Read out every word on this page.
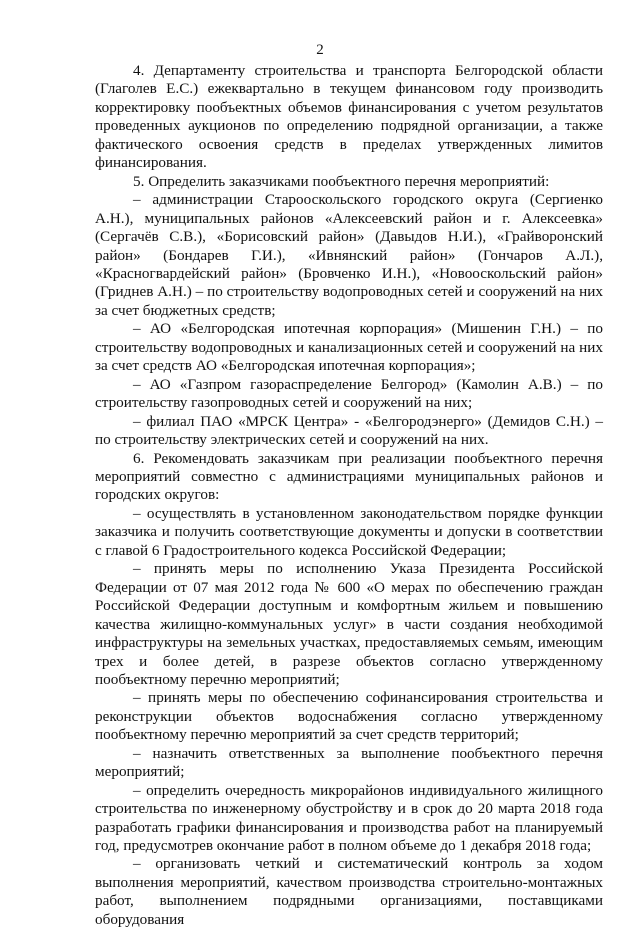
2

4. Департаменту строительства и транспорта Белгородской области (Глаголев Е.С.) ежеквартально в текущем финансовом году производить корректировку пообъектных объемов финансирования с учетом результатов проведенных аукционов по определению подрядной организации, а также фактического освоения средств в пределах утвержденных лимитов финансирования.

5. Определить заказчиками пообъектного перечня мероприятий:

– администрации Старооскольского городского округа (Сергиенко А.Н.), муниципальных районов «Алексеевский район и г. Алексеевка» (Сергачёв С.В.), «Борисовский район» (Давыдов Н.И.), «Грайворонский район» (Бондарев Г.И.), «Ивнянский район» (Гончаров А.Л.), «Красногвардейский район» (Бровченко И.Н.), «Новооскольский район» (Гриднев А.Н.) – по строительству водопроводных сетей и сооружений на них за счет бюджетных средств;

– АО «Белгородская ипотечная корпорация» (Мишенин Г.Н.) – по строительству водопроводных и канализационных сетей и сооружений на них за счет средств АО «Белгородская ипотечная корпорация»;

– АО «Газпром газораспределение Белгород» (Камолин А.В.) – по строительству газопроводных сетей и сооружений на них;

– филиал ПАО «МРСК Центра» - «Белгородэнерго» (Демидов С.Н.) – по строительству электрических сетей и сооружений на них.

6. Рекомендовать заказчикам при реализации пообъектного перечня мероприятий совместно с администрациями муниципальных районов и городских округов:

– осуществлять в установленном законодательством порядке функции заказчика и получить соответствующие документы и допуски в соответствии с главой 6 Градостроительного кодекса Российской Федерации;

– принять меры по исполнению Указа Президента Российской Федерации от 07 мая 2012 года № 600 «О мерах по обеспечению граждан Российской Федерации доступным и комфортным жильем и повышению качества жилищно-коммунальных услуг» в части создания необходимой инфраструктуры на земельных участках, предоставляемых семьям, имеющим трех и более детей, в разрезе объектов согласно утвержденному пообъектному перечню мероприятий;

– принять меры по обеспечению софинансирования строительства и реконструкции объектов водоснабжения согласно утвержденному пообъектному перечню мероприятий за счет средств территорий;

– назначить ответственных за выполнение пообъектного перечня мероприятий;

– определить очередность микрорайонов индивидуального жилищного строительства по инженерному обустройству и в срок до 20 марта 2018 года разработать графики финансирования и производства работ на планируемый год, предусмотрев окончание работ в полном объеме до 1 декабря 2018 года;

– организовать четкий и систематический контроль за ходом выполнения мероприятий, качеством производства строительно-монтажных работ, выполнением подрядными организациями, поставщиками оборудования
